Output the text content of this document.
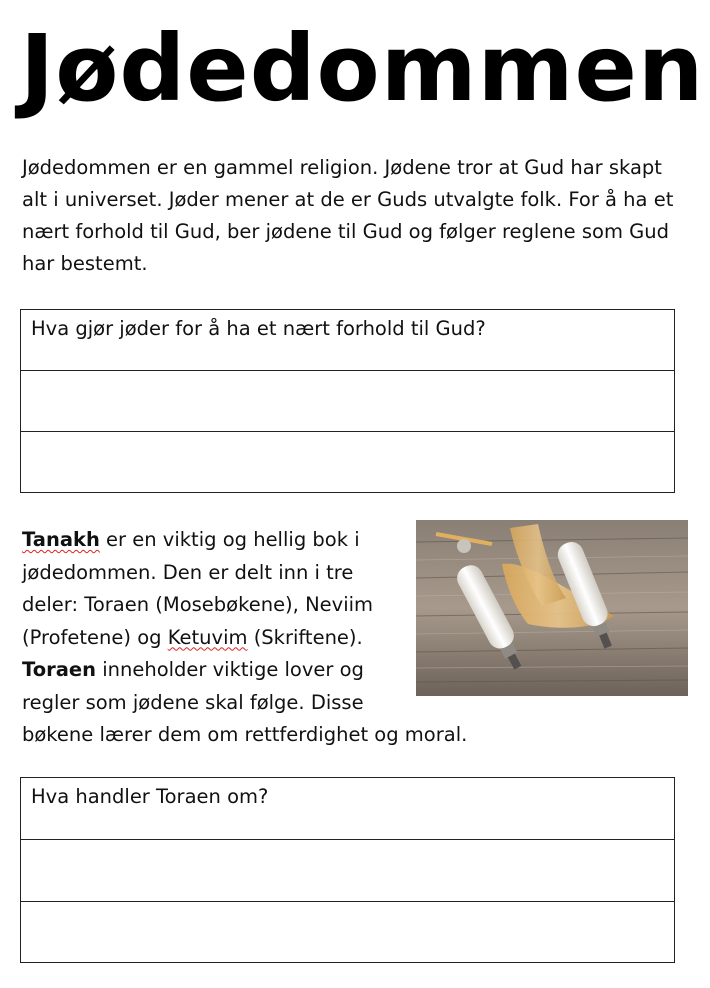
Jødedommen

Jødedommen er en gammel religion. Jødene tror at Gud har skapt alt i universet. Jøder mener at de er Guds utvalgte folk. For å ha et nært forhold til Gud, ber jødene til Gud og følger reglene som Gud har bestemt.

Hva gjør jøder for å ha et nært forhold til Gud?
Tanakh er en viktig og hellig bok i
jødedommen. Den er delt inn i tre
deler: Toraen (Mosebøkene), Neviim
(Profetene) og Ketuvim (Skriftene).
Toraen inneholder viktige lover og
regler som jødene skal følge. Disse
bøkene lærer dem om rettferdighet og moral.
Hva handler Toraen om?
